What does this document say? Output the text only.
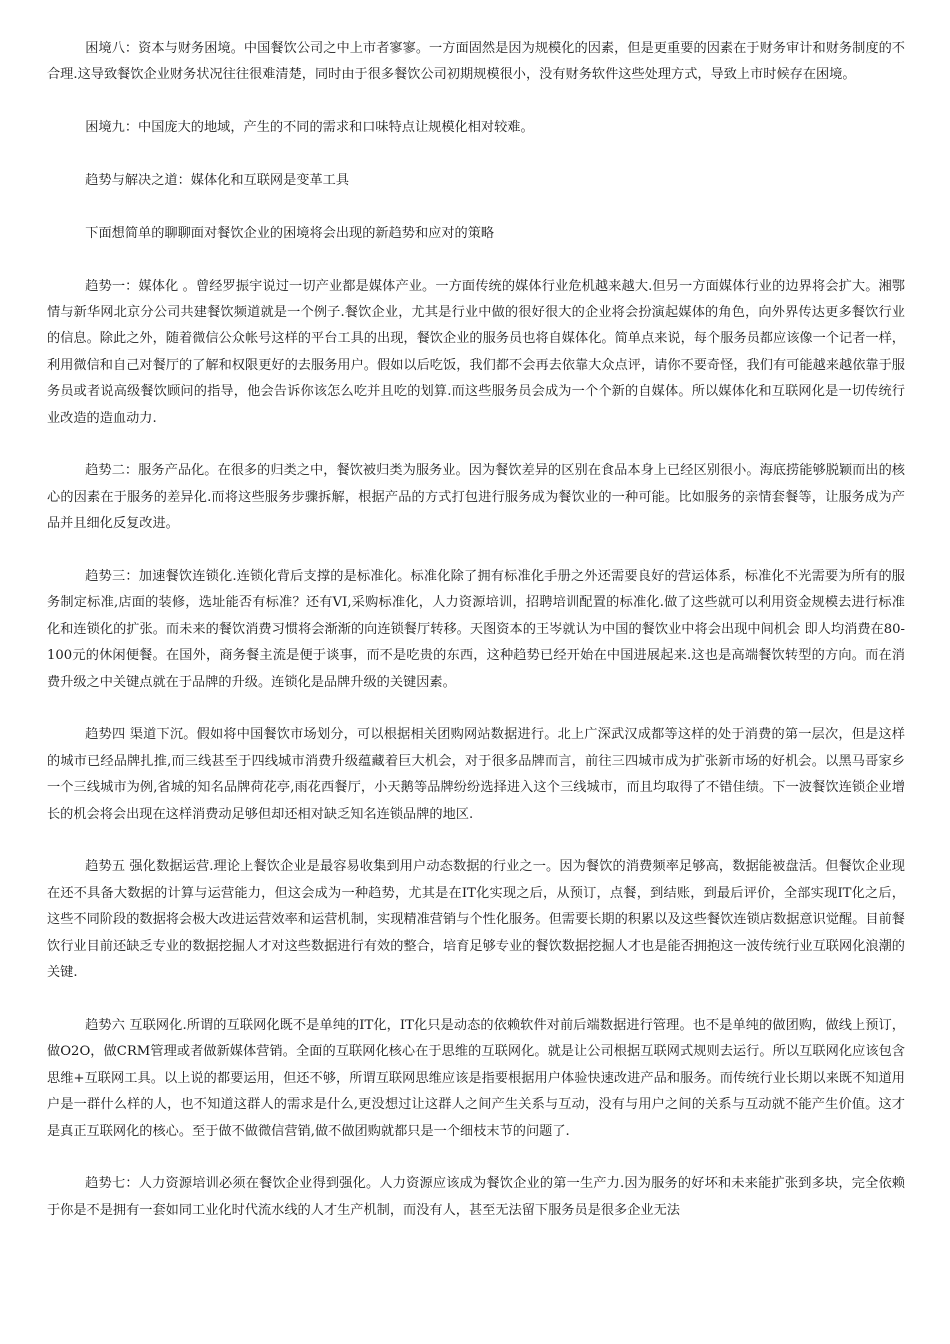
困境八：资本与财务困境。中国餐饮公司之中上市者寥寥。一方面固然是因为规模化的因素，但是更重要的因素在于财务审计和财务制度的不合理.这导致餐饮企业财务状况往往很难清楚，同时由于很多餐饮公司初期规模很小，没有财务软件这些处理方式，导致上市时候存在困境。

困境九：中国庞大的地域，产生的不同的需求和口味特点让规模化相对较难。

趋势与解决之道：媒体化和互联网是变革工具

下面想简单的聊聊面对餐饮企业的困境将会出现的新趋势和应对的策略

趋势一：媒体化 。曾经罗振宇说过一切产业都是媒体产业。一方面传统的媒体行业危机越来越大.但另一方面媒体行业的边界将会扩大。湘鄂情与新华网北京分公司共建餐饮频道就是一个例子.餐饮企业，尤其是行业中做的很好很大的企业将会扮演起媒体的角色，向外界传达更多餐饮行业的信息。除此之外，随着微信公众帐号这样的平台工具的出现，餐饮企业的服务员也将自媒体化。简单点来说，每个服务员都应该像一个记者一样，利用微信和自己对餐厅的了解和权限更好的去服务用户。假如以后吃饭，我们都不会再去依靠大众点评，请你不要奇怪，我们有可能越来越依靠于服务员或者说高级餐饮顾问的指导，他会告诉你该怎么吃并且吃的划算.而这些服务员会成为一个个新的自媒体。所以媒体化和互联网化是一切传统行业改造的造血动力.

趋势二：服务产品化。在很多的归类之中，餐饮被归类为服务业。因为餐饮差异的区别在食品本身上已经区别很小。海底捞能够脱颖而出的核心的因素在于服务的差异化.而将这些服务步骤拆解，根据产品的方式打包进行服务成为餐饮业的一种可能。比如服务的亲情套餐等，让服务成为产品并且细化反复改进。

趋势三：加速餐饮连锁化.连锁化背后支撑的是标准化。标准化除了拥有标准化手册之外还需要良好的营运体系，标准化不光需要为所有的服务制定标准,店面的装修，选址能否有标准？还有VI,采购标准化，人力资源培训，招聘培训配置的标准化.做了这些就可以利用资金规模去进行标准化和连锁化的扩张。而未来的餐饮消费习惯将会渐渐的向连锁餐厅转移。天图资本的王岑就认为中国的餐饮业中将会出现中间机会 即人均消费在80-100元的休闲便餐。在国外，商务餐主流是便于谈事，而不是吃贵的东西，这种趋势已经开始在中国进展起来.这也是高端餐饮转型的方向。而在消费升级之中关键点就在于品牌的升级。连锁化是品牌升级的关键因素。

趋势四 渠道下沉。假如将中国餐饮市场划分，可以根据相关团购网站数据进行。北上广深武汉成都等这样的处于消费的第一层次，但是这样的城市已经品牌扎推,而三线甚至于四线城市消费升级蕴藏着巨大机会，对于很多品牌而言，前往三四城市成为扩张新市场的好机会。以黑马哥家乡一个三线城市为例,省城的知名品牌荷花亭,雨花西餐厅，小天鹅等品牌纷纷选择进入这个三线城市，而且均取得了不错佳绩。下一波餐饮连锁企业增长的机会将会出现在这样消费动足够但却还相对缺乏知名连锁品牌的地区.

趋势五 强化数据运营.理论上餐饮企业是最容易收集到用户动态数据的行业之一。因为餐饮的消费频率足够高，数据能被盘活。但餐饮企业现在还不具备大数据的计算与运营能力，但这会成为一种趋势，尤其是在IT化实现之后，从预订，点餐，到结账，到最后评价，全部实现IT化之后，这些不同阶段的数据将会极大改进运营效率和运营机制，实现精准营销与个性化服务。但需要长期的积累以及这些餐饮连锁店数据意识觉醒。目前餐饮行业目前还缺乏专业的数据挖掘人才对这些数据进行有效的整合，培育足够专业的餐饮数据挖掘人才也是能否拥抱这一波传统行业互联网化浪潮的关键.

趋势六 互联网化.所谓的互联网化既不是单纯的IT化，IT化只是动态的依赖软件对前后端数据进行管理。也不是单纯的做团购，做线上预订，做O2O，做CRM管理或者做新媒体营销。全面的互联网化核心在于思维的互联网化。就是让公司根据互联网式规则去运行。所以互联网化应该包含思维+互联网工具。以上说的都要运用，但还不够，所谓互联网思维应该是指要根据用户体验快速改进产品和服务。而传统行业长期以来既不知道用户是一群什么样的人，也不知道这群人的需求是什么,更没想过让这群人之间产生关系与互动，没有与用户之间的关系与互动就不能产生价值。这才是真正互联网化的核心。至于做不做微信营销,做不做团购就都只是一个细枝末节的问题了.

趋势七：人力资源培训必须在餐饮企业得到强化。人力资源应该成为餐饮企业的第一生产力.因为服务的好坏和未来能扩张到多块，完全依赖于你是不是拥有一套如同工业化时代流水线的人才生产机制，而没有人，甚至无法留下服务员是很多企业无法
